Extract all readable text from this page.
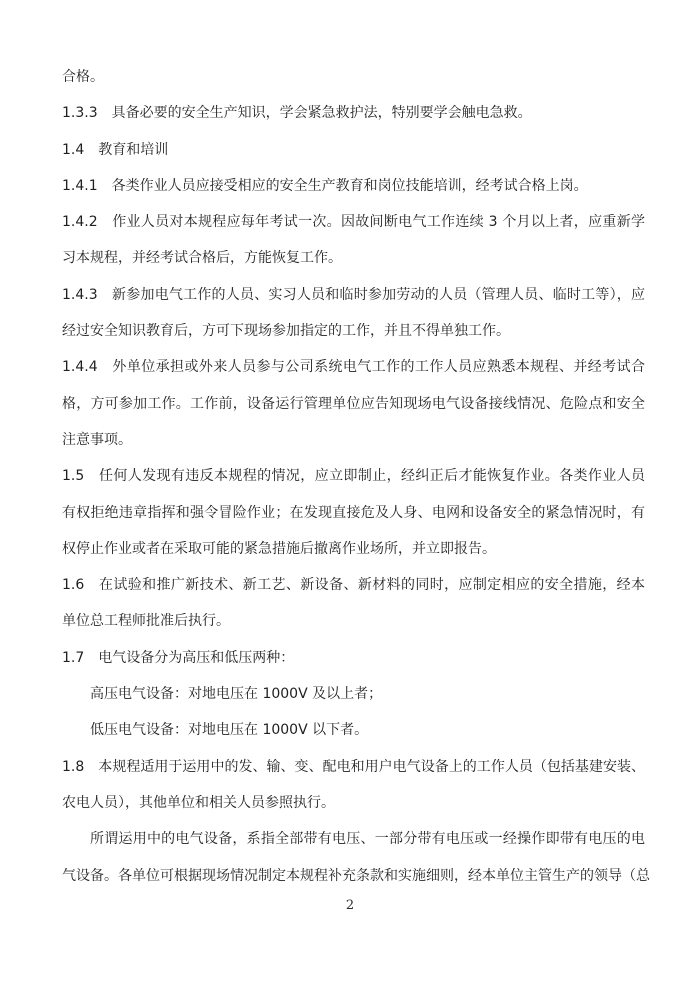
合格。
1.3.3　具备必要的安全生产知识，学会紧急救护法，特别要学会触电急救。
1.4　教育和培训
1.4.1　各类作业人员应接受相应的安全生产教育和岗位技能培训，经考试合格上岗。
1.4.2　作业人员对本规程应每年考试一次。因故间断电气工作连续 3 个月以上者，应重新学
习本规程，并经考试合格后，方能恢复工作。
1.4.3　新参加电气工作的人员、实习人员和临时参加劳动的人员（管理人员、临时工等），应
经过安全知识教育后，方可下现场参加指定的工作，并且不得单独工作。
1.4.4　外单位承担或外来人员参与公司系统电气工作的工作人员应熟悉本规程、并经考试合
格，方可参加工作。工作前，设备运行管理单位应告知现场电气设备接线情况、危险点和安全
注意事项。
1.5　任何人发现有违反本规程的情况，应立即制止，经纠正后才能恢复作业。各类作业人员
有权拒绝违章指挥和强令冒险作业；在发现直接危及人身、电网和设备安全的紧急情况时，有
权停止作业或者在采取可能的紧急措施后撤离作业场所，并立即报告。
1.6　在试验和推广新技术、新工艺、新设备、新材料的同时，应制定相应的安全措施，经本
单位总工程师批准后执行。
1.7　电气设备分为高压和低压两种：
高压电气设备：对地电压在 1000V 及以上者；
低压电气设备：对地电压在 1000V 以下者。
1.8　本规程适用于运用中的发、输、变、配电和用户电气设备上的工作人员（包括基建安装、
农电人员），其他单位和相关人员参照执行。
所谓运用中的电气设备，系指全部带有电压、一部分带有电压或一经操作即带有电压的电
气设备。各单位可根据现场情况制定本规程补充条款和实施细则，经本单位主管生产的领导（总
2
